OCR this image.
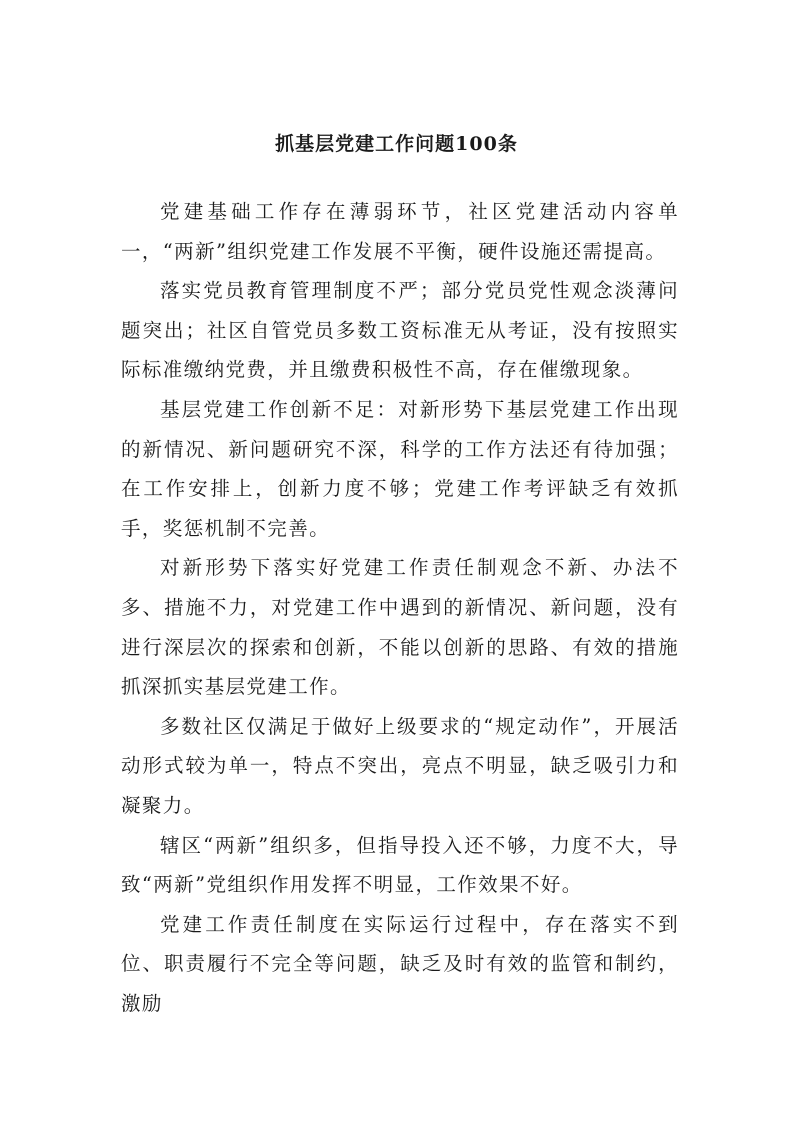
抓基层党建工作问题100条

党建基础工作存在薄弱环节，社区党建活动内容单一，“两新”组织党建工作发展不平衡，硬件设施还需提高。

落实党员教育管理制度不严；部分党员党性观念淡薄问题突出；社区自管党员多数工资标准无从考证，没有按照实际标准缴纳党费，并且缴费积极性不高，存在催缴现象。

基层党建工作创新不足：对新形势下基层党建工作出现的新情况、新问题研究不深，科学的工作方法还有待加强；在工作安排上，创新力度不够；党建工作考评缺乏有效抓手，奖惩机制不完善。

对新形势下落实好党建工作责任制观念不新、办法不多、措施不力，对党建工作中遇到的新情况、新问题，没有进行深层次的探索和创新，不能以创新的思路、有效的措施抓深抓实基层党建工作。

多数社区仅满足于做好上级要求的“规定动作”，开展活动形式较为单一，特点不突出，亮点不明显，缺乏吸引力和凝聚力。

辖区“两新”组织多，但指导投入还不够，力度不大，导致“两新”党组织作用发挥不明显，工作效果不好。

党建工作责任制度在实际运行过程中，存在落实不到位、职责履行不完全等问题，缺乏及时有效的监管和制约，激励
